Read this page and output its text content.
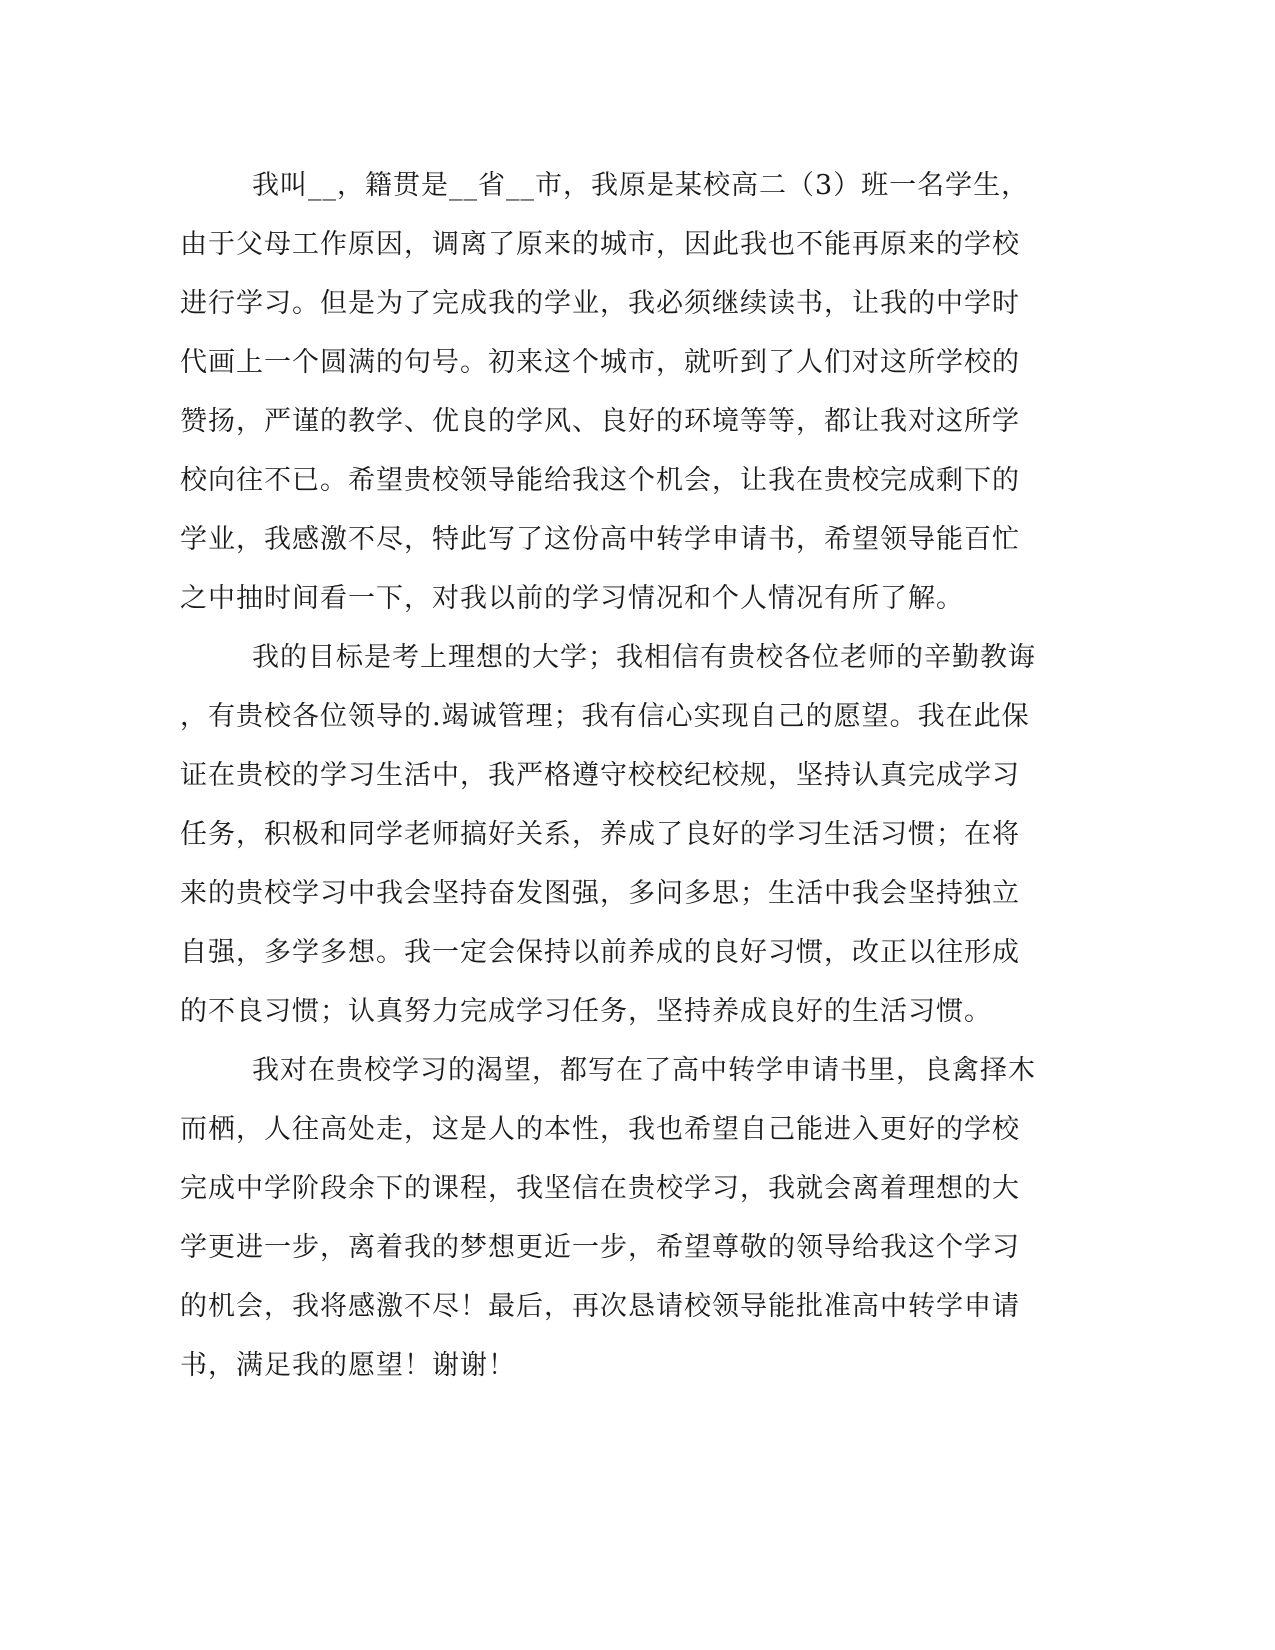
我叫__，籍贯是__省__市，我原是某校高二（3）班一名学生，
由于父母工作原因，调离了原来的城市，因此我也不能再原来的学校
进行学习。但是为了完成我的学业，我必须继续读书，让我的中学时
代画上一个圆满的句号。初来这个城市，就听到了人们对这所学校的
赞扬，严谨的教学、优良的学风、良好的环境等等，都让我对这所学
校向往不已。希望贵校领导能给我这个机会，让我在贵校完成剩下的
学业，我感激不尽，特此写了这份高中转学申请书，希望领导能百忙
之中抽时间看一下，对我以前的学习情况和个人情况有所了解。
我的目标是考上理想的大学；我相信有贵校各位老师的辛勤教诲
，有贵校各位领导的.竭诚管理；我有信心实现自己的愿望。我在此保
证在贵校的学习生活中，我严格遵守校校纪校规，坚持认真完成学习
任务，积极和同学老师搞好关系，养成了良好的学习生活习惯；在将
来的贵校学习中我会坚持奋发图强，多问多思；生活中我会坚持独立
自强，多学多想。我一定会保持以前养成的良好习惯，改正以往形成
的不良习惯；认真努力完成学习任务，坚持养成良好的生活习惯。
我对在贵校学习的渴望，都写在了高中转学申请书里，良禽择木
而栖，人往高处走，这是人的本性，我也希望自己能进入更好的学校
完成中学阶段余下的课程，我坚信在贵校学习，我就会离着理想的大
学更进一步，离着我的梦想更近一步，希望尊敬的领导给我这个学习
的机会，我将感激不尽！最后，再次恳请校领导能批准高中转学申请
书，满足我的愿望！谢谢！
